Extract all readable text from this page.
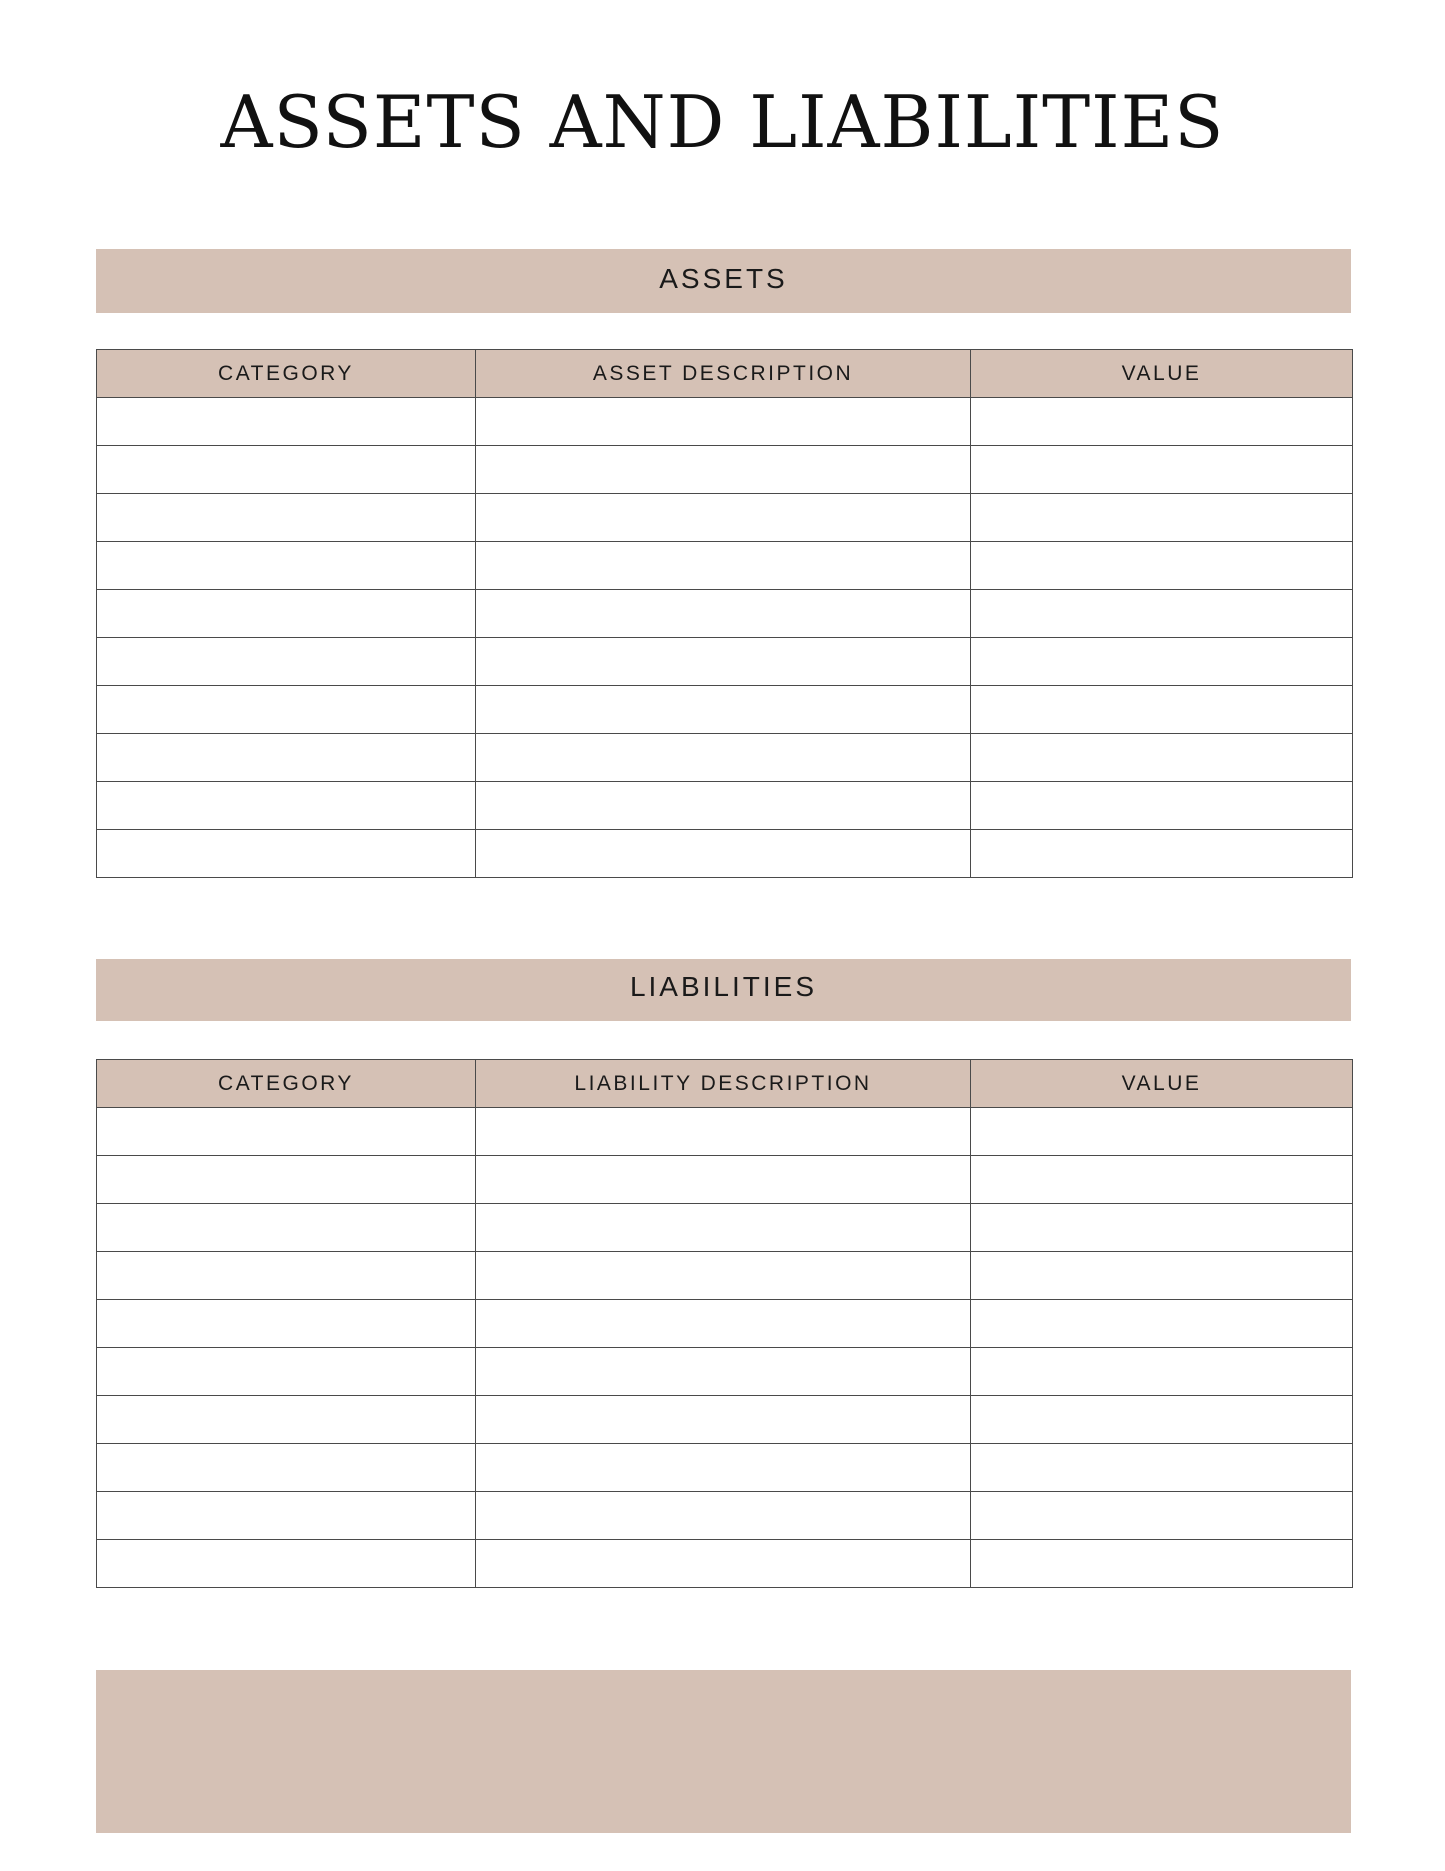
ASSETS AND LIABILITIES
ASSETS
CATEGORY	ASSET DESCRIPTION	VALUE

LIABILITIES
CATEGORY	LIABILITY DESCRIPTION	VALUE
